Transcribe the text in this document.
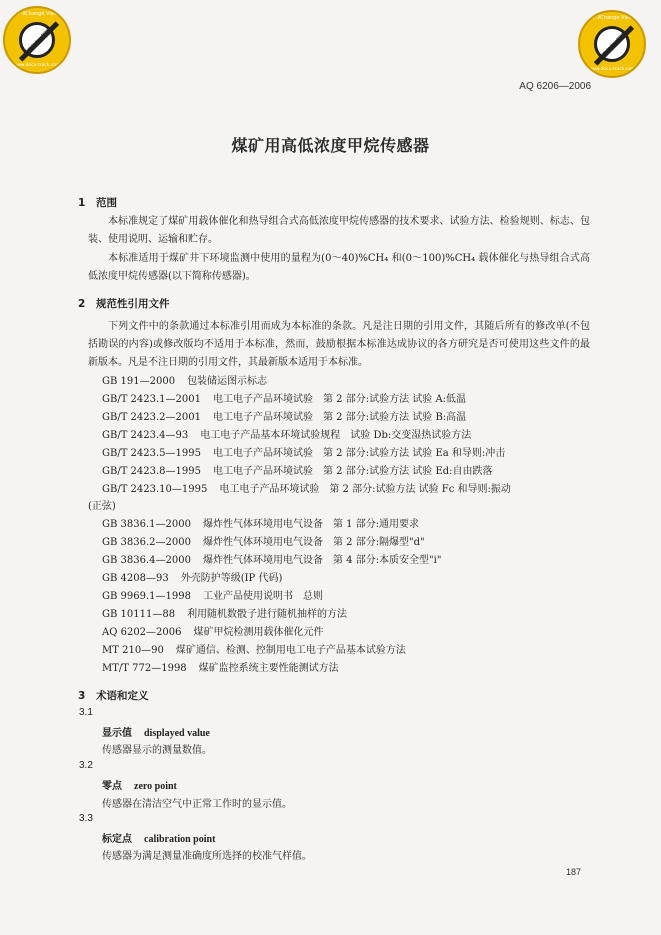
PDF-XChange Viewer
Click to buy NOW!
www.docu-track.com
PDF-XChange Viewer
Click to buy NOW!
www.docu-track.com
AQ 6206—2006
煤矿用高低浓度甲烷传感器
1 范围
本标准规定了煤矿用载体催化和热导组合式高低浓度甲烷传感器的技术要求、试验方法、检验规则、标志、包装、使用说明、运输和贮存。
本标准适用于煤矿井下环境监测中使用的量程为(0～40)%CH₄ 和(0～100)%CH₄ 载体催化与热导组合式高低浓度甲烷传感器(以下简称传感器)。
2 规范性引用文件
下列文件中的条款通过本标准引用而成为本标准的条款。凡是注日期的引用文件，其随后所有的修改单(不包括勘误的内容)或修改版均不适用于本标准，然而，鼓励根据本标准达成协议的各方研究是否可使用这些文件的最新版本。凡是不注日期的引用文件，其最新版本适用于本标准。
GB 191—2000 包装储运图示标志
GB/T 2423.1—2001 电工电子产品环境试验　第 2 部分:试验方法 试验 A:低温
GB/T 2423.2—2001 电工电子产品环境试验　第 2 部分:试验方法 试验 B:高温
GB/T 2423.4—93 电工电子产品基本环境试验规程　试验 Db:交变湿热试验方法
GB/T 2423.5—1995 电工电子产品环境试验　第 2 部分:试验方法 试验 Ea 和导则:冲击
GB/T 2423.8—1995 电工电子产品环境试验　第 2 部分:试验方法 试验 Ed:自由跌落
GB/T 2423.10—1995 电工电子产品环境试验　第 2 部分:试验方法 试验 Fc 和导则:振动
(正弦)
GB 3836.1—2000 爆炸性气体环境用电气设备　第 1 部分:通用要求
GB 3836.2—2000 爆炸性气体环境用电气设备　第 2 部分:隔爆型"d"
GB 3836.4—2000 爆炸性气体环境用电气设备　第 4 部分:本质安全型"i"
GB 4208—93 外壳防护等级(IP 代码)
GB 9969.1—1998 工业产品使用说明书　总则
GB 10111—88 利用随机数骰子进行随机抽样的方法
AQ 6202—2006 煤矿甲烷检测用载体催化元件
MT 210—90 煤矿通信、检测、控制用电工电子产品基本试验方法
MT/T 772—1998 煤矿监控系统主要性能测试方法
3 术语和定义
3.1
显示值 displayed value
传感器显示的测量数值。
3.2
零点 zero point
传感器在清洁空气中正常工作时的显示值。
3.3
标定点 calibration point
传感器为满足测量准确度所选择的校准气样值。
187
